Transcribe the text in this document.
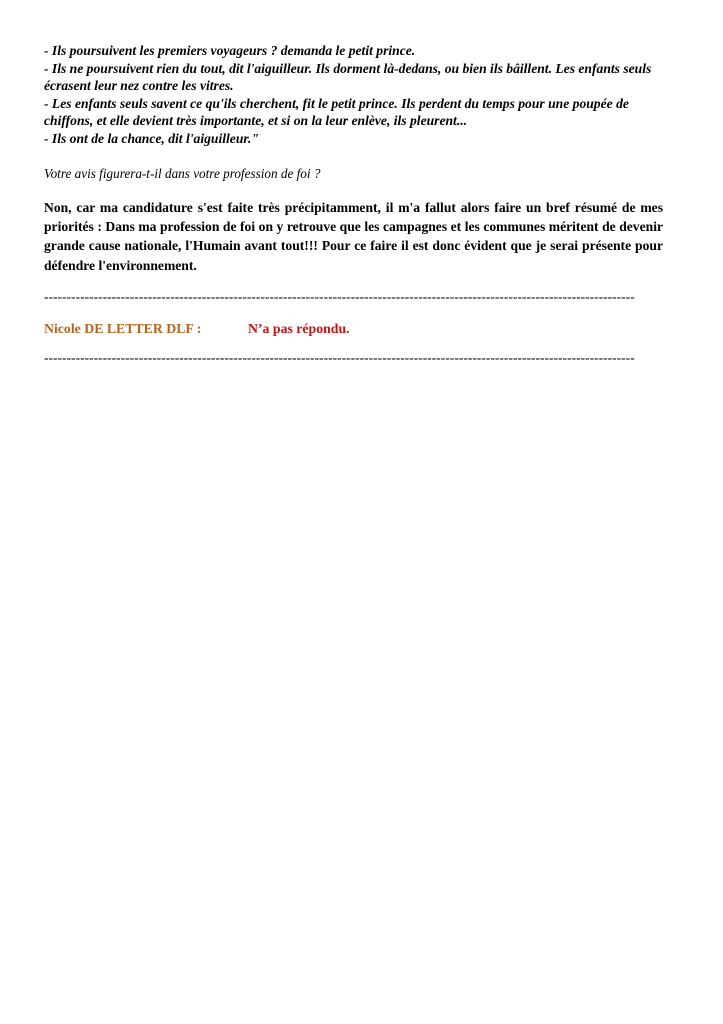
- Ils poursuivent les premiers voyageurs ? demanda le petit prince.

- Ils ne poursuivent rien du tout, dit l'aiguilleur. Ils dorment là-dedans, ou bien ils bâillent. Les enfants seuls écrasent leur nez contre les vitres.

- Les enfants seuls savent ce qu'ils cherchent, fit le petit prince. Ils perdent du temps pour une poupée de chiffons, et elle devient très importante, et si on la leur enlève, ils pleurent...

- Ils ont de la chance, dit l'aiguilleur."

Votre avis figurera-t-il dans votre profession de foi ?

Non, car ma candidature s'est faite très précipitamment, il m'a fallut alors faire un bref résumé de mes priorités : Dans ma profession de foi on y retrouve que les campagnes et les communes méritent de devenir grande cause nationale, l'Humain avant tout!!! Pour ce faire il est donc évident que je serai présente pour défendre l'environnement.

-----------------------------------------------------------------------------------------------------------------------------------
Nicole DE LETTER DLF :	N’a pas répondu.
-----------------------------------------------------------------------------------------------------------------------------------
